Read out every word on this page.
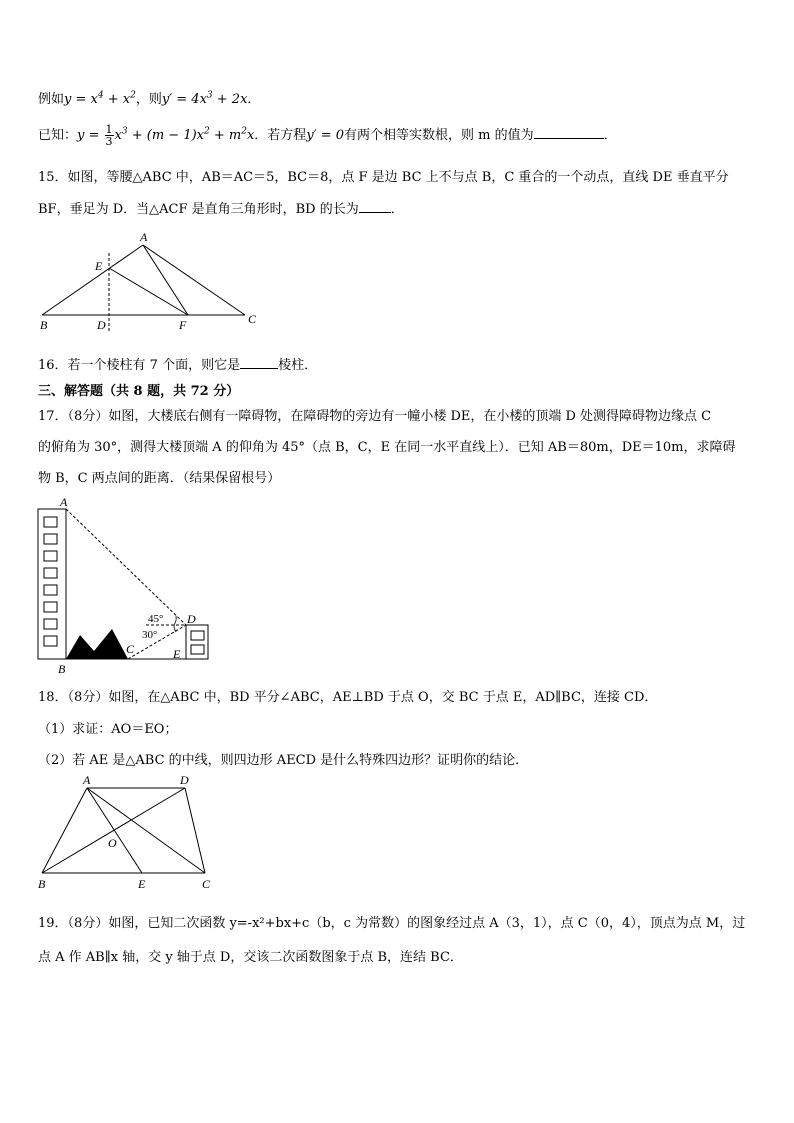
例如$y = x^4 + x^2$，则$y' = 4x^3 + 2x$．
已知：$y = \frac{1}{3} x^3 + (m - 1)x^2 + m^2x$．若方程y′ = 0有两个相等实数根，则 m 的值为	．
15．如图，等腰△ABC 中，AB＝AC＝5，BC＝8，点 F 是边 BC 上不与点 B，C 重合的一个动点，直线 DE 垂直平分
BF，垂足为 D．当△ACF 是直角三角形时，BD 的长为 ．
A
E
B	D	F	C
16．若一个棱柱有 7 个面，则它是	棱柱．
三、解答题（共 8 题，共 72 分）
17．（8分）如图，大楼底右侧有一障碍物，在障碍物的旁边有一幢小楼 DE，在小楼的顶端 D 处测得障碍物边缘点 C
的俯角为 30°，测得大楼顶端 A 的仰角为 45°（点 B，C，E 在同一水平直线上）．已知 AB＝80m，DE＝10m，求障碍
物 B，C 两点间的距离．（结果保留根号）
A
B
C
D
E
45°
30°
18．（8分）如图，在△ABC 中，BD 平分∠ABC，AE⊥BD 于点 O，交 BC 于点 E，AD∥BC，连接 CD．
（1）求证：AO＝EO；
（2）若 AE 是△ABC 的中线，则四边形 AECD 是什么特殊四边形？证明你的结论．
A	D
O
B	E	C
19．（8分）如图，已知二次函数 y=-x²+bx+c（b，c 为常数）的图象经过点 A（3，1），点 C（0，4），顶点为点 M，过
点 A 作 AB∥x 轴，交 y 轴于点 D，交该二次函数图象于点 B，连结 BC．
